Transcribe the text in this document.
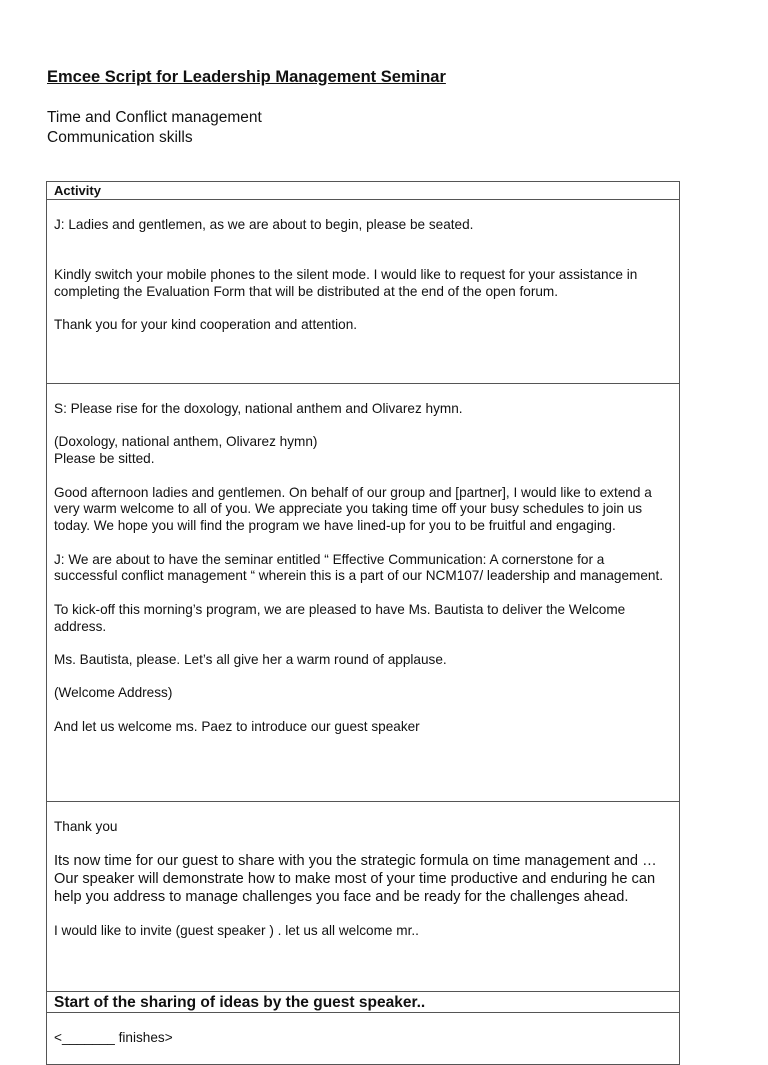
Emcee Script for Leadership Management Seminar
Time and Conflict management
Communication skills
Activity

J: Ladies and gentlemen, as we are about to begin, please be seated.

Kindly switch your mobile phones to the silent mode. I would like to request for your assistance in completing the Evaluation Form that will be distributed at the end of the open forum.

Thank you for your kind cooperation and attention.

S: Please rise for the doxology, national anthem and Olivarez hymn.

(Doxology, national anthem, Olivarez hymn)

Please be sitted.

Good afternoon ladies and gentlemen. On behalf of our group and [partner], I would like to extend a very warm welcome to all of you. We appreciate you taking time off your busy schedules to join us today. We hope you will find the program we have lined-up for you to be fruitful and engaging.

J: We are about to have the seminar entitled “ Effective Communication: A cornerstone for a successful conflict management “ wherein this is a part of our NCM107/ leadership and management.

To kick-off this morning’s program, we are pleased to have Ms. Bautista to deliver the Welcome address.

Ms. Bautista, please. Let’s all give her a warm round of applause.

(Welcome Address)

And let us welcome ms. Paez to introduce our guest speaker

Thank you

Its now time for our guest to share with you the strategic formula on time management and … Our speaker will demonstrate how to make most of your time productive and enduring he can help you address to manage challenges you face and be ready for the challenges ahead.

I would like to invite (guest speaker ) . let us all welcome mr..

Start of the sharing of ideas by the guest speaker..
<_______ finishes>
